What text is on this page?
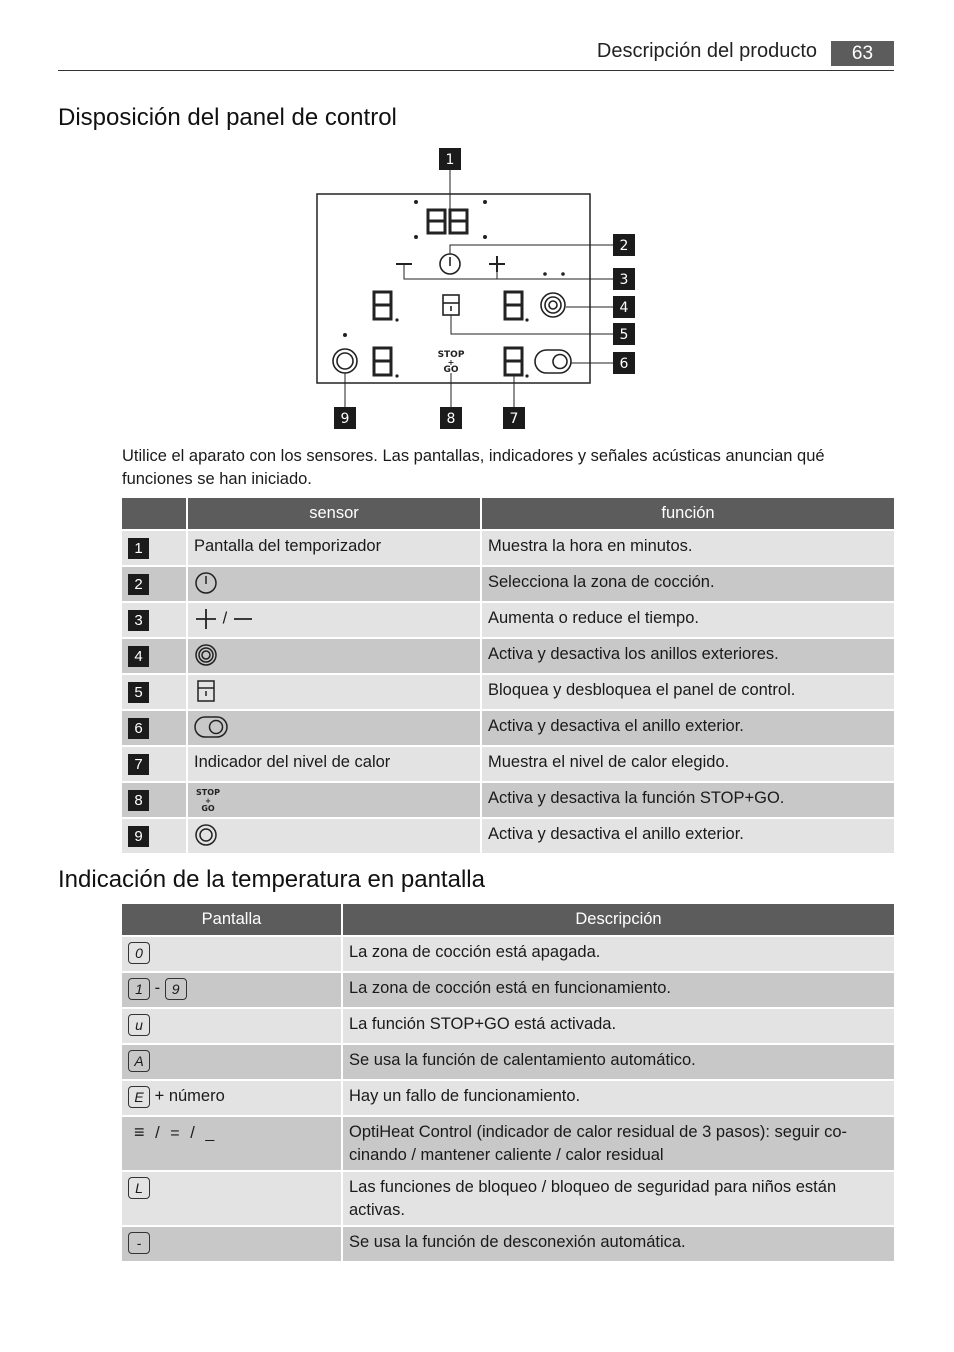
Descripción del producto	63
Disposición del panel de control
STOP
+
GO
1
2
3
4
5
6
7
8
9
Utilice el aparato con los sensores. Las pantallas, indicadores y señales acústicas anuncian qué funciones se han iniciado.
	sensor	función
1	Pantalla del temporizador	Muestra la hora en minutos.
2		Selecciona la zona de cocción.
3	/	Aumenta o reduce el tiempo.
4		Activa y desactiva los anillos exteriores.
5		Bloquea y desbloquea el panel de control.
6		Activa y desactiva el anillo exterior.
7	Indicador del nivel de calor	Muestra el nivel de calor elegido.
8	STOP
+
GO	Activa y desactiva la función STOP+GO.
9		Activa y desactiva el anillo exterior.
Indicación de la temperatura en pantalla
Pantalla	Descripción
0	La zona de cocción está apagada.
1 - 9	La zona de cocción está en funcionamiento.
u	La función STOP+GO está activada.
A	Se usa la función de calentamiento automático.
E + número	Hay un fallo de funcionamiento.
≡ / = / _	OptiHeat Control (indicador de calor residual de 3 pasos): seguir co- cinando / mantener caliente / calor residual
L	Las funciones de bloqueo / bloqueo de seguridad para niños están activas.
-	Se usa la función de desconexión automática.
